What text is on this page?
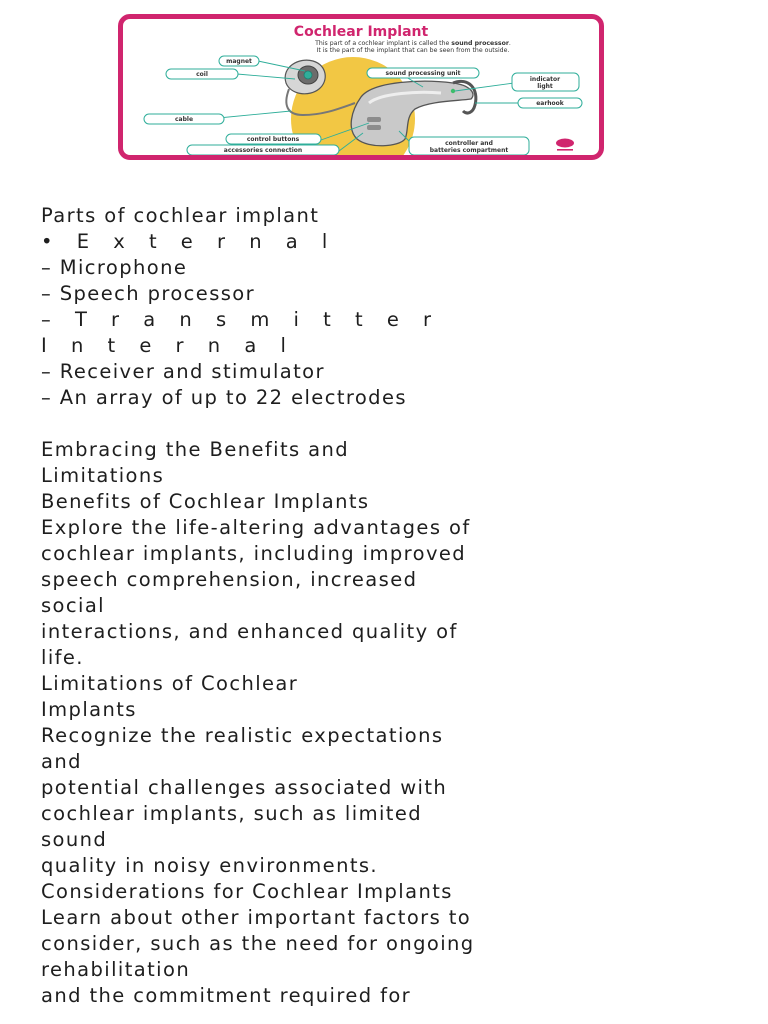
Cochlear Implant
This part of a cochlear implant is called the sound processor.
It is the part of the implant that can be seen from the outside.
magnet
coil	sound processing unit
indicator
light
earhook
cable
control buttons
accessories connection
controller and
batteries compartment
Parts of cochlear implant
• E x t e r n a l
– Microphone
– Speech processor
– T r a n s m i t t e r
I n t e r n a l
– Receiver and stimulator
– An array of up to 22 electrodes
Embracing the Benefits and
Limitations
Benefits of Cochlear Implants
Explore the life-altering advantages of
cochlear implants, including improved
speech comprehension, increased
social
interactions, and enhanced quality of
life.
Limitations of Cochlear
Implants
Recognize the realistic expectations
and
potential challenges associated with
cochlear implants, such as limited
sound
quality in noisy environments.
Considerations for Cochlear Implants
Learn about other important factors to
consider, such as the need for ongoing
rehabilitation
and the commitment required for
